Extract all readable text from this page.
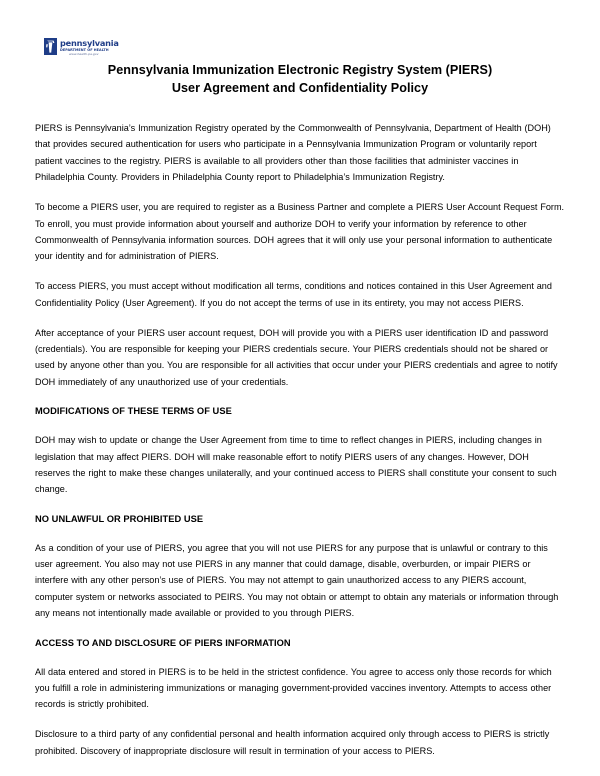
pennsylvania
DEPARTMENT OF HEALTH
www.health.pa.gov
Pennsylvania Immunization Electronic Registry System (PIERS)
User Agreement and Confidentiality Policy

PIERS is Pennsylvania’s Immunization Registry operated by the Commonwealth of Pennsylvania, Department of Health (DOH) that provides secured authentication for users who participate in a Pennsylvania Immunization Program or voluntarily report patient vaccines to the registry. PIERS is available to all providers other than those facilities that administer vaccines in Philadelphia County. Providers in Philadelphia County report to Philadelphia’s Immunization Registry.

To become a PIERS user, you are required to register as a Business Partner and complete a PIERS User Account Request Form. To enroll, you must provide information about yourself and authorize DOH to verify your information by reference to other Commonwealth of Pennsylvania information sources. DOH agrees that it will only use your personal information to authenticate your identity and for administration of PIERS.

To access PIERS, you must accept without modification all terms, conditions and notices contained in this User Agreement and Confidentiality Policy (User Agreement). If you do not accept the terms of use in its entirety, you may not access PIERS.

After acceptance of your PIERS user account request, DOH will provide you with a PIERS user identification ID and password (credentials). You are responsible for keeping your PIERS credentials secure. Your PIERS credentials should not be shared or used by anyone other than you. You are responsible for all activities that occur under your PIERS credentials and agree to notify DOH immediately of any unauthorized use of your credentials.

MODIFICATIONS OF THESE TERMS OF USE

DOH may wish to update or change the User Agreement from time to time to reflect changes in PIERS, including changes in legislation that may affect PIERS. DOH will make reasonable effort to notify PIERS users of any changes. However, DOH reserves the right to make these changes unilaterally, and your continued access to PIERS shall constitute your consent to such change.

NO UNLAWFUL OR PROHIBITED USE

As a condition of your use of PIERS, you agree that you will not use PIERS for any purpose that is unlawful or contrary to this user agreement. You also may not use PIERS in any manner that could damage, disable, overburden, or impair PIERS or interfere with any other person’s use of PIERS. You may not attempt to gain unauthorized access to any PIERS account, computer system or networks associated to PEIRS. You may not obtain or attempt to obtain any materials or information through any means not intentionally made available or provided to you through PIERS.

ACCESS TO AND DISCLOSURE OF PIERS INFORMATION

All data entered and stored in PIERS is to be held in the strictest confidence. You agree to access only those records for which you fulfill a role in administering immunizations or managing government-provided vaccines inventory. Attempts to access other records is strictly prohibited.

Disclosure to a third party of any confidential personal and health information acquired only through access to PIERS is strictly prohibited. Discovery of inappropriate disclosure will result in termination of your access to PIERS.
